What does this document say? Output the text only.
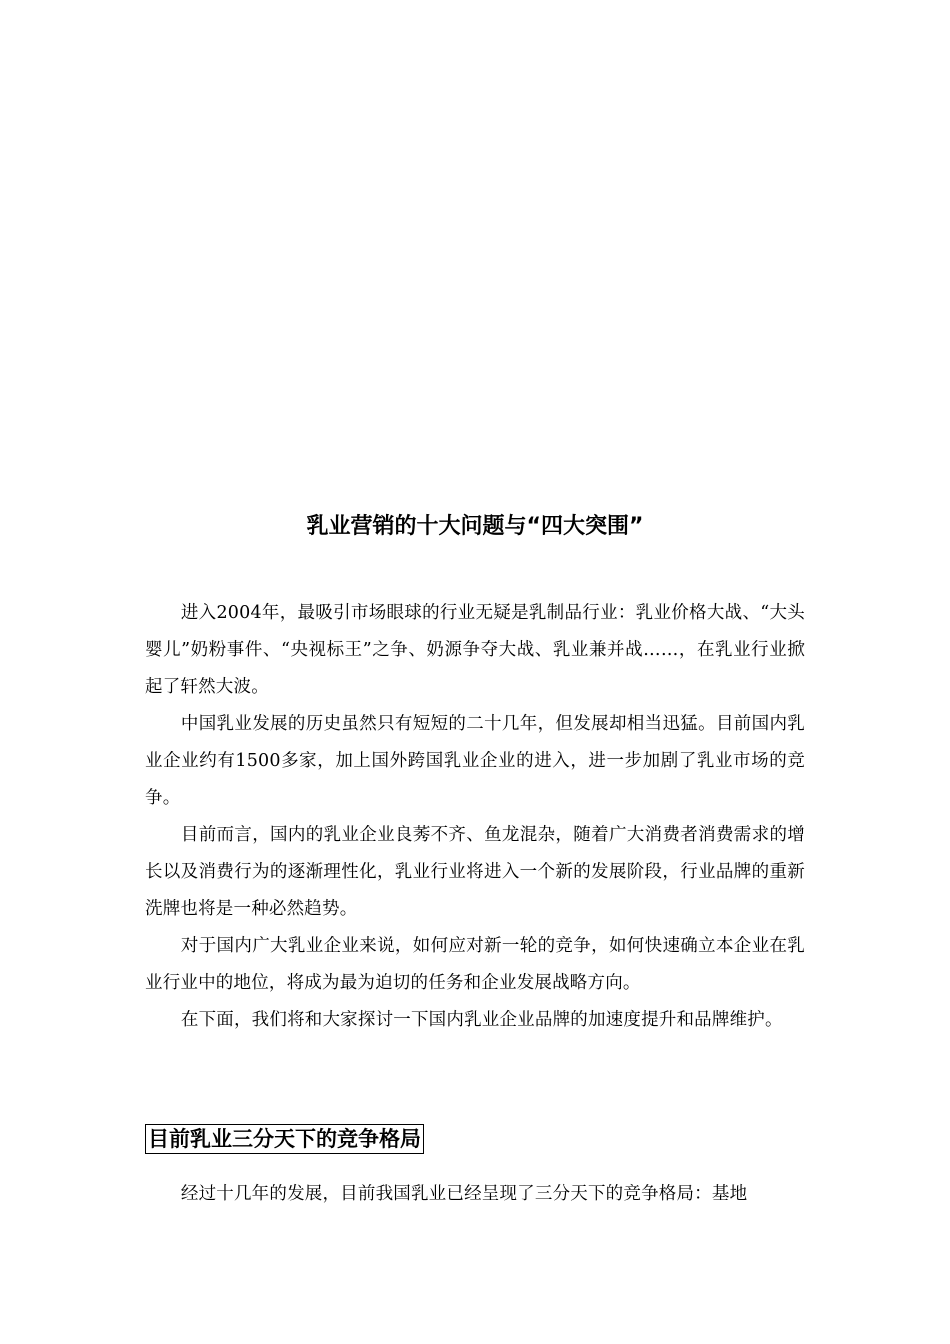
乳业营销的十大问题与“四大突围”

进入2004年，最吸引市场眼球的行业无疑是乳制品行业：乳业价格大战、“大头婴儿”奶粉事件、“央视标王”之争、奶源争夺大战、乳业兼并战……，在乳业行业掀起了轩然大波。

中国乳业发展的历史虽然只有短短的二十几年，但发展却相当迅猛。目前国内乳业企业约有1500多家，加上国外跨国乳业企业的进入，进一步加剧了乳业市场的竞争。

目前而言，国内的乳业企业良莠不齐、鱼龙混杂，随着广大消费者消费需求的增长以及消费行为的逐渐理性化，乳业行业将进入一个新的发展阶段，行业品牌的重新洗牌也将是一种必然趋势。

对于国内广大乳业企业来说，如何应对新一轮的竞争，如何快速确立本企业在乳业行业中的地位，将成为最为迫切的任务和企业发展战略方向。

在下面，我们将和大家探讨一下国内乳业企业品牌的加速度提升和品牌维护。

目前乳业三分天下的竞争格局

经过十几年的发展，目前我国乳业已经呈现了三分天下的竞争格局：基地
